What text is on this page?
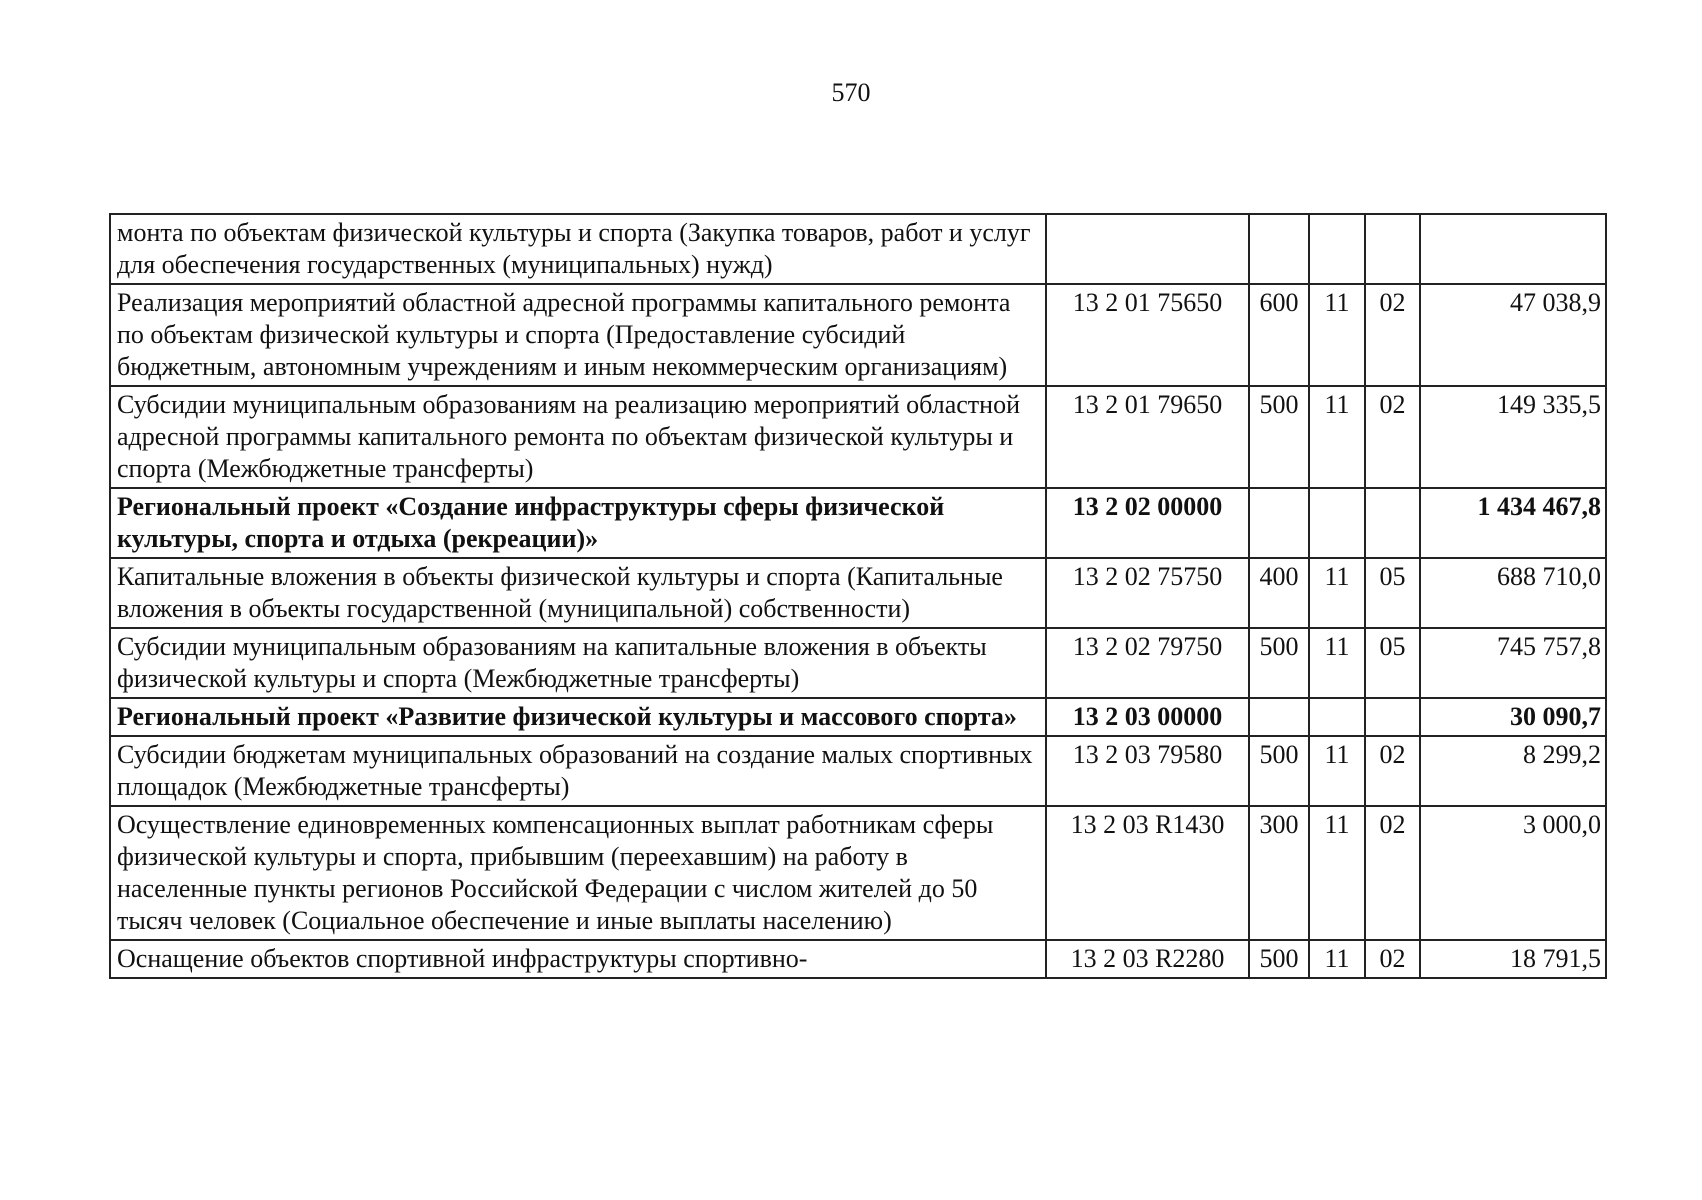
570
монта по объектам физической культуры и спорта (Закупка товаров, работ и услуг для обеспечения государственных (муниципальных) нужд)					
Реализация мероприятий областной адресной программы капитального ремонта по объектам физической культуры и спорта (Предоставление субсидий бюджетным, автономным учреждениям и иным некоммерческим организациям)	13 2 01 75650	600	11	02	47 038,9
Субсидии муниципальным образованиям на реализацию мероприятий областной адресной программы капитального ремонта по объектам физической культуры и спорта (Межбюджетные трансферты)	13 2 01 79650	500	11	02	149 335,5
Региональный проект «Создание инфраструктуры сферы физической культуры, спорта и отдыха (рекреации)»	13 2 02 00000				1 434 467,8
Капитальные вложения в объекты физической культуры и спорта (Капитальные вложения в объекты государственной (муниципальной) собственности)	13 2 02 75750	400	11	05	688 710,0
Субсидии муниципальным образованиям на капитальные вложения в объекты физической культуры и спорта (Межбюджетные трансферты)	13 2 02 79750	500	11	05	745 757,8
Региональный проект «Развитие физической культуры и массового спорта»	13 2 03 00000				30 090,7
Субсидии бюджетам муниципальных образований на создание малых спортивных площадок (Межбюджетные трансферты)	13 2 03 79580	500	11	02	8 299,2
Осуществление единовременных компенсационных выплат работникам сферы физической культуры и спорта, прибывшим (переехавшим) на работу в населенные пункты регионов Российской Федерации с числом жителей до 50 тысяч человек (Социальное обеспечение и иные выплаты населению)	13 2 03 R1430	300	11	02	3 000,0
Оснащение объектов спортивной инфраструктуры спортивно-	13 2 03 R2280	500	11	02	18 791,5
